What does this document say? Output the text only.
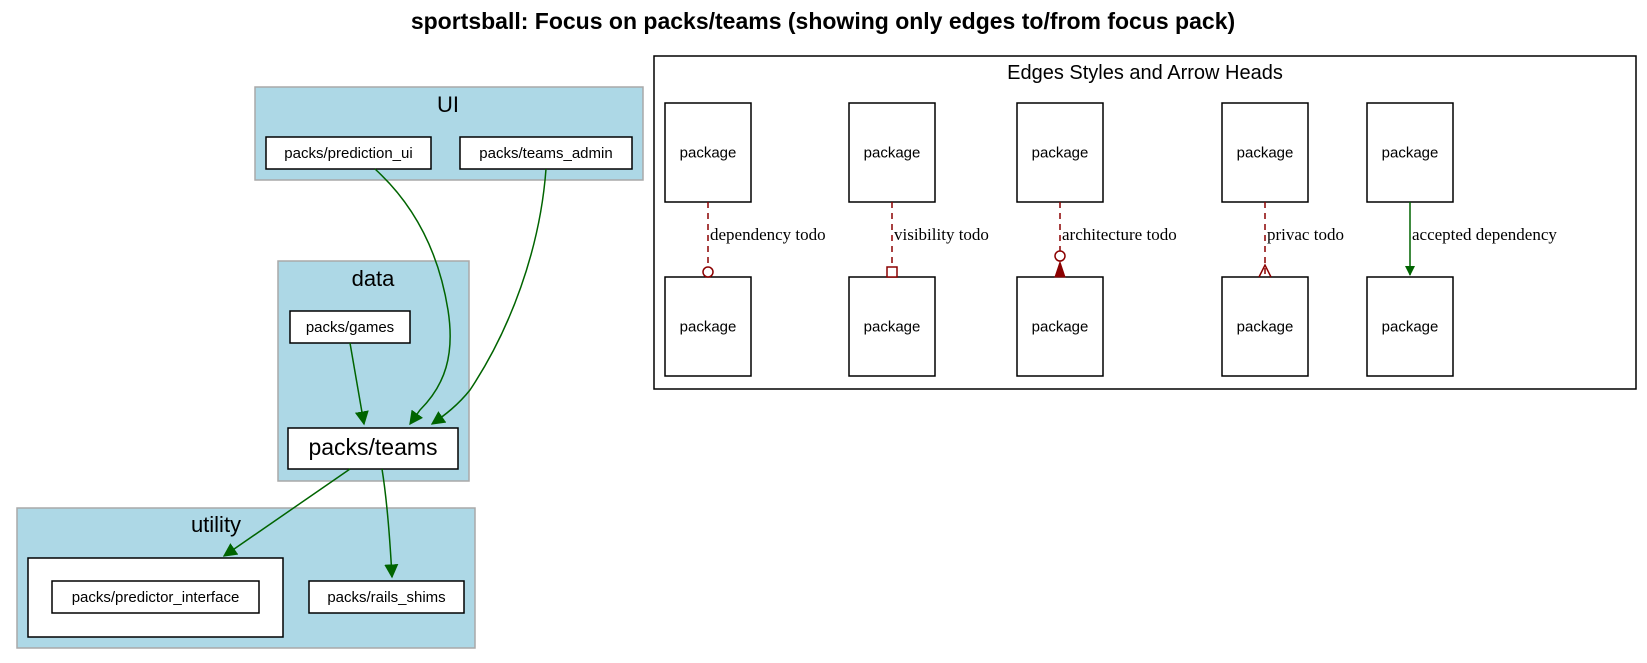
sportsball: Focus on packs/teams (showing only edges to/from focus pack)
UI
packs/prediction_ui	packs/teams_admin
data
packs/games
packs/teams
utility
packs/predictor_interface	packs/rails_shims
Edges Styles and Arrow Heads
package
package
dependency todo
package
package
visibility todo
package
package
architecture todo
package
package
privac todo
package
package
accepted dependency
